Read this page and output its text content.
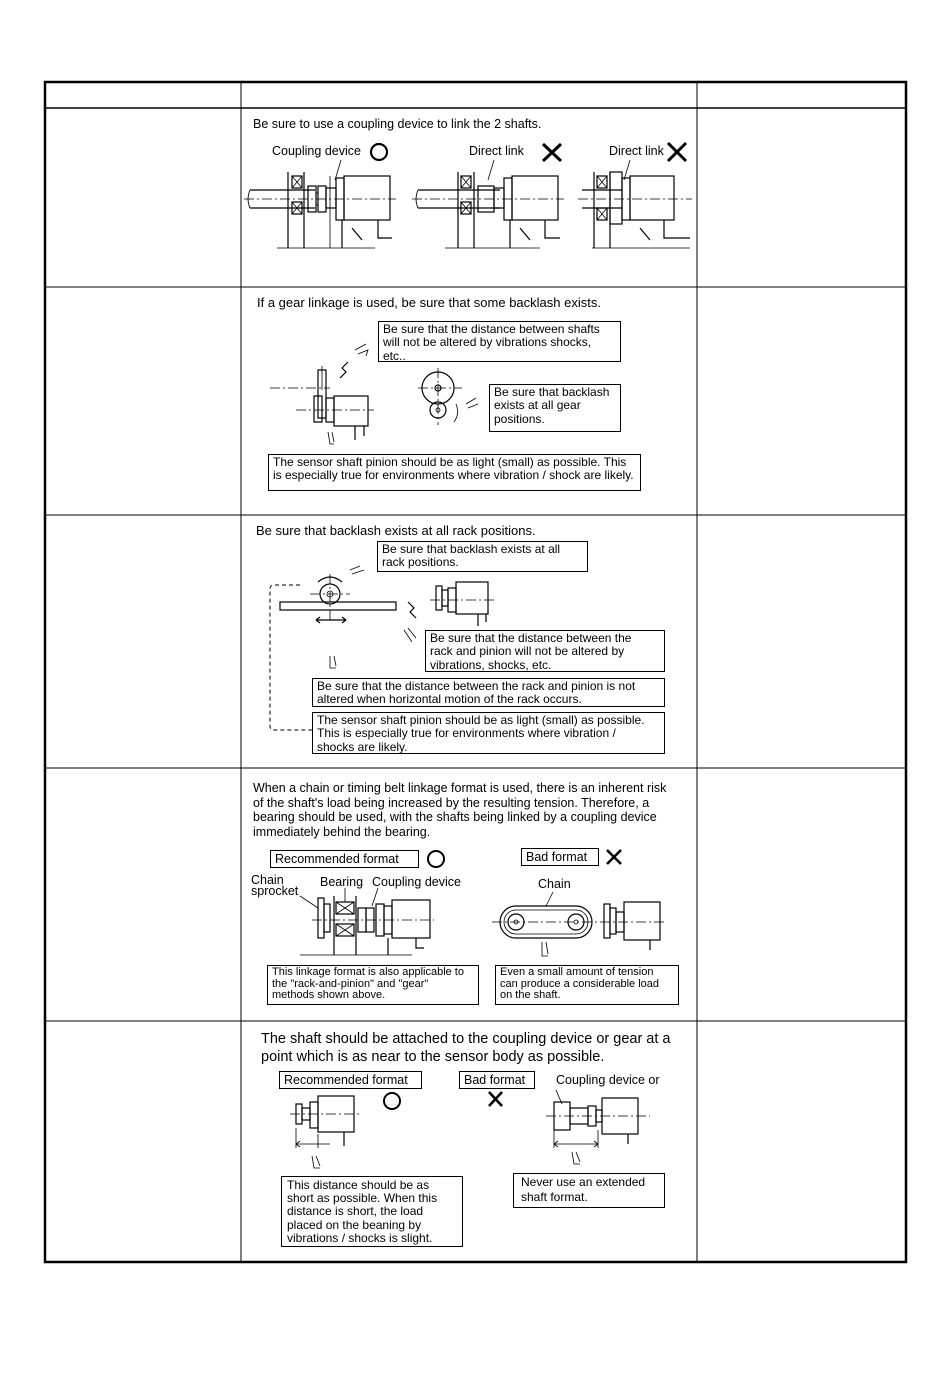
Be sure to use a coupling device to link the 2 shafts.
Coupling device	Direct link	Direct link
If a gear linkage is used, be sure that some backlash exists.
Be sure that the distance between shafts
will not be altered by vibrations shocks, etc..
Be sure that backlash
exists at all gear
positions.
The sensor shaft pinion should be as light (small) as possible. This
is especially true for environments where vibration / shock are likely.
Be sure that backlash exists at all rack positions.
Be sure that backlash exists at all
rack positions.
Be sure that the distance between the
rack and pinion will not be altered by
vibrations, shocks, etc.
Be sure that the distance between the rack and pinion is not
altered when horizontal motion of the rack occurs.
The sensor shaft pinion should be as light (small) as possible.
This is especially true for environments where vibration /
shocks are likely.
When a chain or timing belt linkage format is used, there is an inherent risk
of the shaft's load being increased by the resulting tension. Therefore, a
bearing should be used, with the shafts being linked by a coupling device
immediately behind the bearing.
Recommended format	Bad format
Chain
sprocket
Bearing Coupling device	Chain
This linkage format is also applicable to
the "rack-and-pinion" and "gear"
methods shown above.
Even a small amount of tension
can produce a considerable load
on the shaft.
The shaft should be attached to the coupling device or gear at a
point which is as near to the sensor body as possible.
Recommended format	Bad format	Coupling device or
This distance should be as
short as possible. When this
distance is short, the load
placed on the beaning by
vibrations / shocks is slight.
Never use an extended
shaft format.
